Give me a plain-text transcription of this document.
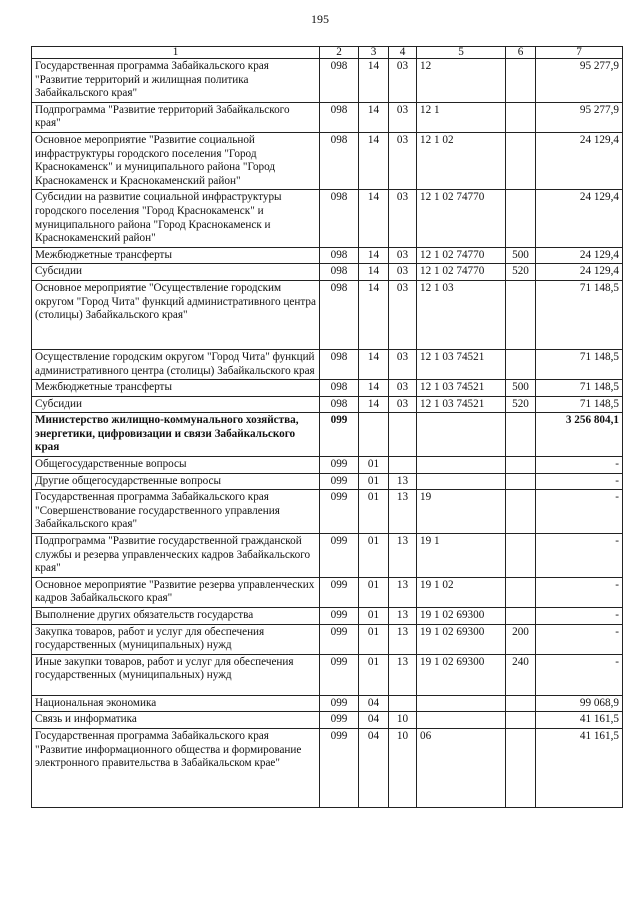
195
1	2	3	4	5	6	7
Государственная программа Забайкальского края "Развитие территорий и жилищная политика Забайкальского края"	098	14	03	12		95 277,9
Подпрограмма "Развитие территорий Забайкальского края"	098	14	03	12 1		95 277,9
Основное мероприятие "Развитие социальной инфраструктуры городского поселения "Город Краснокаменск" и муниципального района "Город Краснокаменск и Краснокаменский район"	098	14	03	12 1 02		24 129,4
Субсидии на развитие социальной инфраструктуры городского поселения "Город Краснокаменск" и муниципального района "Город Краснокаменск и Краснокаменский район"	098	14	03	12 1 02 74770		24 129,4
Межбюджетные трансферты	098	14	03	12 1 02 74770	500	24 129,4
Субсидии	098	14	03	12 1 02 74770	520	24 129,4
Основное мероприятие "Осуществление городским округом "Город Чита" функций административного центра (столицы) Забайкальского края"	098	14	03	12 1 03		71 148,5
Осуществление городским округом "Город Чита" функций административного центра (столицы) Забайкальского края	098	14	03	12 1 03 74521		71 148,5
Межбюджетные трансферты	098	14	03	12 1 03 74521	500	71 148,5
Субсидии	098	14	03	12 1 03 74521	520	71 148,5
Министерство жилищно-коммунального хозяйства, энергетики, цифровизации и связи Забайкальского края	099					3 256 804,1
Общегосударственные вопросы	099	01				-
Другие общегосударственные вопросы	099	01	13			-
Государственная программа Забайкальского края "Совершенствование государственного управления Забайкальского края"	099	01	13	19		-
Подпрограмма "Развитие государственной гражданской службы и резерва управленческих кадров Забайкальского края"	099	01	13	19 1		-
Основное мероприятие "Развитие резерва управленческих кадров Забайкальского края"	099	01	13	19 1 02		-
Выполнение других обязательств государства	099	01	13	19 1 02 69300		-
Закупка товаров, работ и услуг для обеспечения государственных (муниципальных) нужд	099	01	13	19 1 02 69300	200	-
Иные закупки товаров, работ и услуг для обеспечения государственных (муниципальных) нужд	099	01	13	19 1 02 69300	240	-
Национальная экономика	099	04				99 068,9
Связь и информатика	099	04	10			41 161,5
Государственная программа Забайкальского края "Развитие информационного общества и формирование электронного правительства в Забайкальском крае"	099	04	10	06		41 161,5
